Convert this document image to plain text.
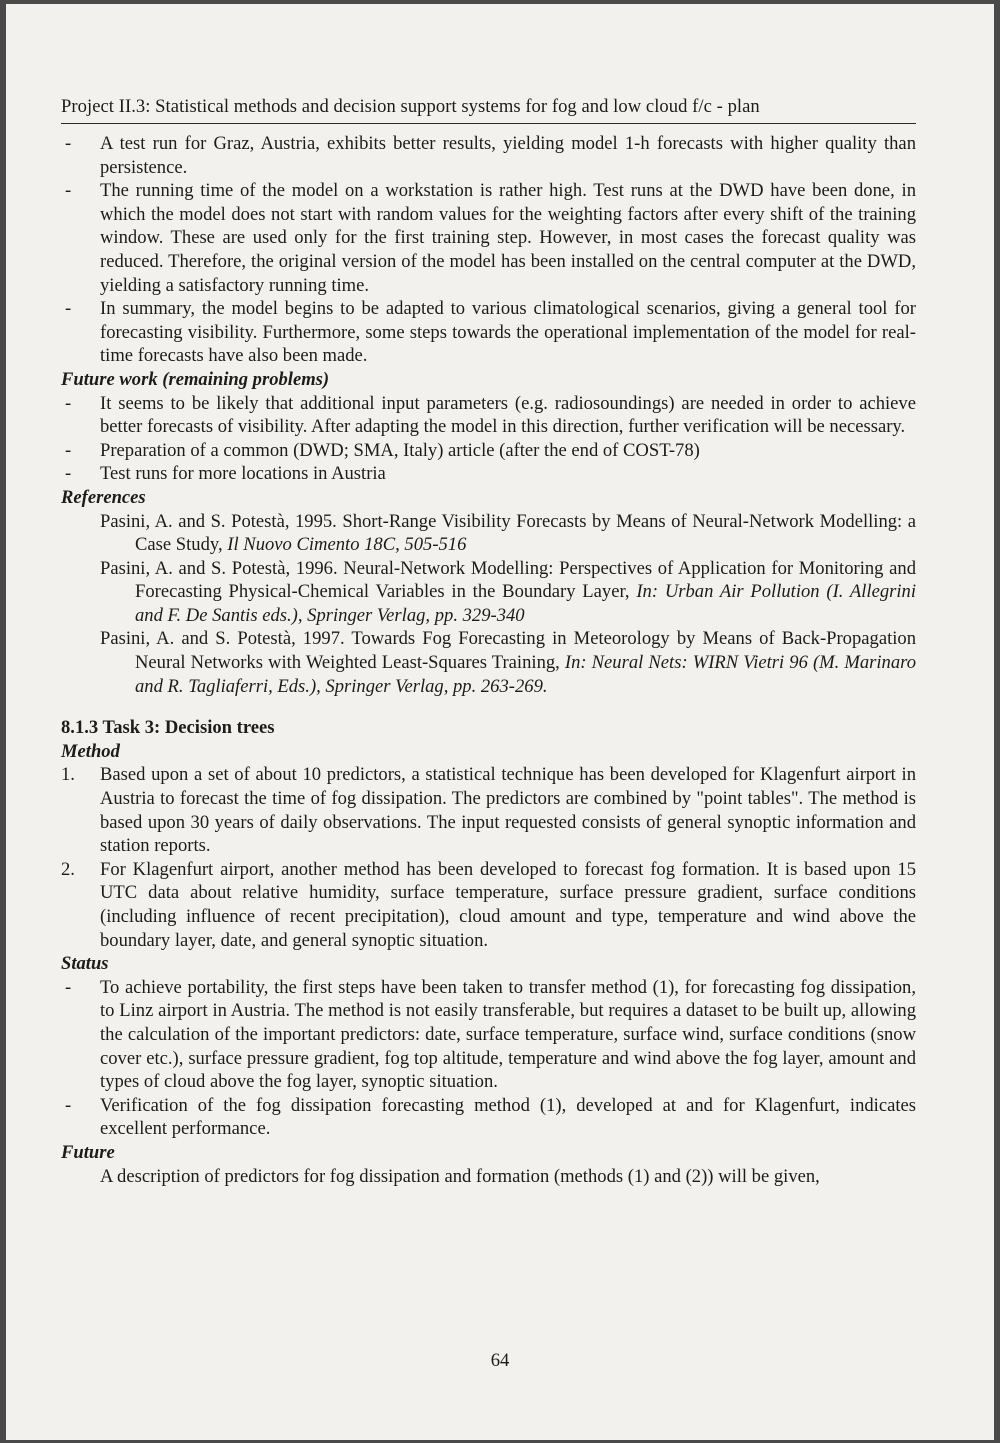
Project II.3: Statistical methods and decision support systems for fog and low cloud f/c - plan
- A test run for Graz, Austria, exhibits better results, yielding model 1-h forecasts with higher quality than persistence.
- The running time of the model on a workstation is rather high. Test runs at the DWD have been done, in which the model does not start with random values for the weighting factors after every shift of the training window. These are used only for the first training step. However, in most cases the forecast quality was reduced. Therefore, the original version of the model has been installed on the central computer at the DWD, yielding a satisfactory running time.
- In summary, the model begins to be adapted to various climatological scenarios, giving a general tool for forecasting visibility. Furthermore, some steps towards the operational implementation of the model for real-time forecasts have also been made.
Future work (remaining problems)
- It seems to be likely that additional input parameters (e.g. radiosoundings) are needed in order to achieve better forecasts of visibility. After adapting the model in this direction, further verification will be necessary.
- Preparation of a common (DWD; SMA, Italy) article (after the end of COST-78)
- Test runs for more locations in Austria
References
Pasini, A. and S. Potestà, 1995. Short-Range Visibility Forecasts by Means of Neural-Network Modelling: a Case Study, Il Nuovo Cimento 18C, 505-516
Pasini, A. and S. Potestà, 1996. Neural-Network Modelling: Perspectives of Application for Monitoring and Forecasting Physical-Chemical Variables in the Boundary Layer, In: Urban Air Pollution (I. Allegrini and F. De Santis eds.), Springer Verlag, pp. 329-340
Pasini, A. and S. Potestà, 1997. Towards Fog Forecasting in Meteorology by Means of Back-Propagation Neural Networks with Weighted Least-Squares Training, In: Neural Nets: WIRN Vietri 96 (M. Marinaro and R. Tagliaferri, Eds.), Springer Verlag, pp. 263-269.
8.1.3 Task 3: Decision trees
Method
1. Based upon a set of about 10 predictors, a statistical technique has been developed for Klagenfurt airport in Austria to forecast the time of fog dissipation. The predictors are combined by "point tables". The method is based upon 30 years of daily observations. The input requested consists of general synoptic information and station reports.
2. For Klagenfurt airport, another method has been developed to forecast fog formation. It is based upon 15 UTC data about relative humidity, surface temperature, surface pressure gradient, surface conditions (including influence of recent precipitation), cloud amount and type, temperature and wind above the boundary layer, date, and general synoptic situation.
Status
- To achieve portability, the first steps have been taken to transfer method (1), for forecasting fog dissipation, to Linz airport in Austria. The method is not easily transferable, but requires a dataset to be built up, allowing the calculation of the important predictors: date, surface temperature, surface wind, surface conditions (snow cover etc.), surface pressure gradient, fog top altitude, temperature and wind above the fog layer, amount and types of cloud above the fog layer, synoptic situation.
- Verification of the fog dissipation forecasting method (1), developed at and for Klagenfurt, indicates excellent performance.
Future
A description of predictors for fog dissipation and formation (methods (1) and (2)) will be given,
64
